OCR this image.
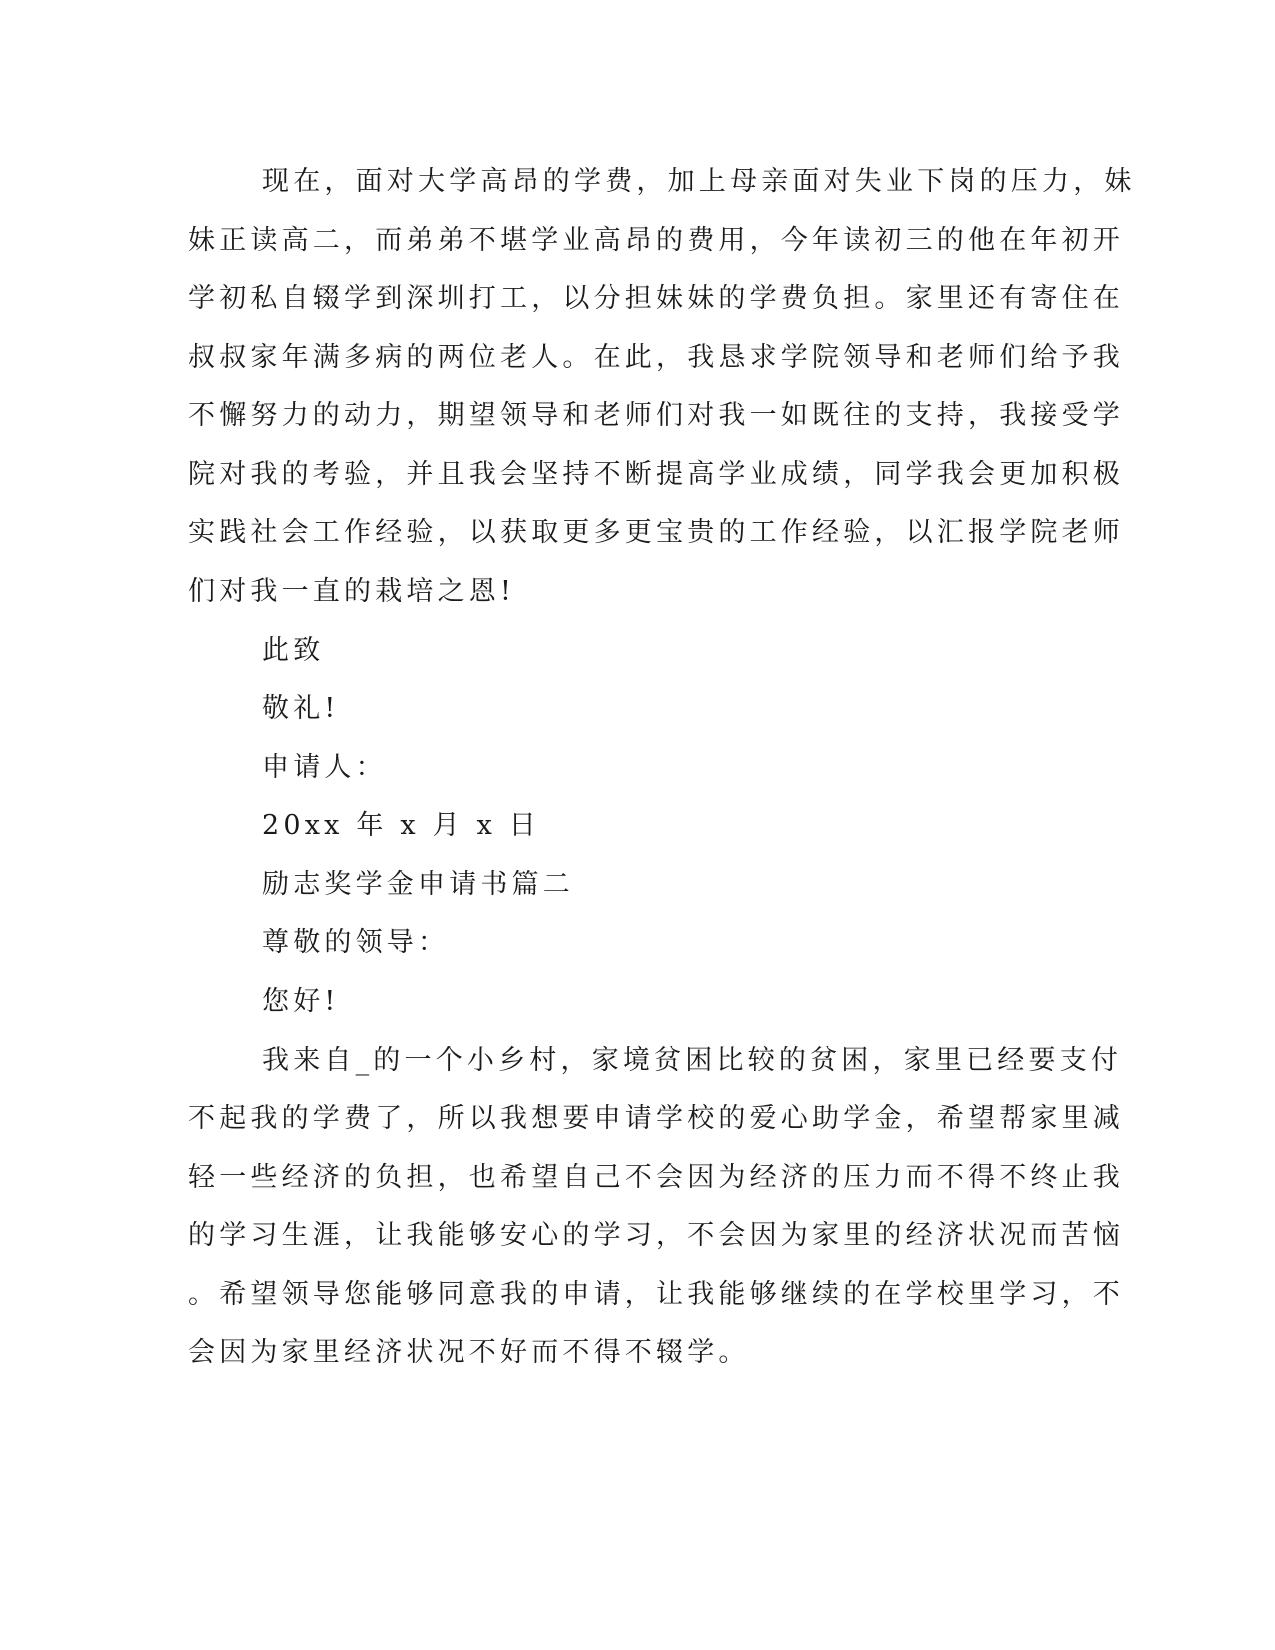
现在，面对大学高昂的学费，加上母亲面对失业下岗的压力，妹
妹正读高二，而弟弟不堪学业高昂的费用，今年读初三的他在年初开
学初私自辍学到深圳打工，以分担妹妹的学费负担。家里还有寄住在
叔叔家年满多病的两位老人。在此，我恳求学院领导和老师们给予我
不懈努力的动力，期望领导和老师们对我一如既往的支持，我接受学
院对我的考验，并且我会坚持不断提高学业成绩，同学我会更加积极
实践社会工作经验，以获取更多更宝贵的工作经验，以汇报学院老师
们对我一直的栽培之恩!
此致
敬礼!
申请人：
20xx 年 x 月 x 日
励志奖学金申请书篇二
尊敬的领导：
您好!
我来自_的一个小乡村，家境贫困比较的贫困，家里已经要支付
不起我的学费了，所以我想要申请学校的爱心助学金，希望帮家里减
轻一些经济的负担，也希望自己不会因为经济的压力而不得不终止我
的学习生涯，让我能够安心的学习，不会因为家里的经济状况而苦恼
。希望领导您能够同意我的申请，让我能够继续的在学校里学习，不
会因为家里经济状况不好而不得不辍学。
